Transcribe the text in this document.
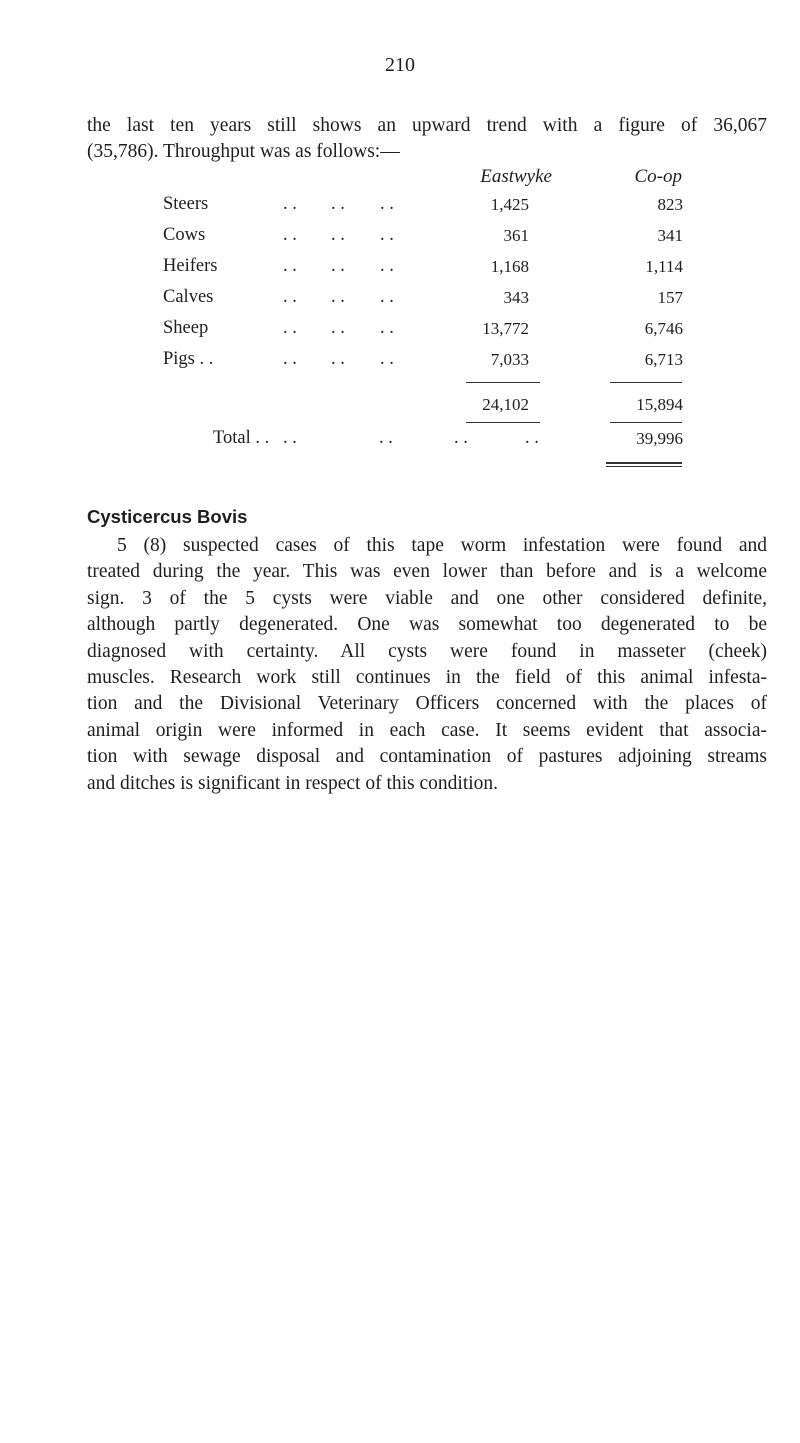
210

the last ten years still shows an upward trend with a figure of 36,067
(35,786). Throughput was as follows:—

Eastwyke	Co-op
Steers	. . . . . .	1,425	823
Cows	. . . . . .	361	341
Heifers	. . . . . .	1,168	1,114
Calves	. . . . . .	343	157
Sheep	. . . . . .	13,772	6,746
Pigs . .	. . . . . .	7,033	6,713
24,102	15,894
Total . . . .	. .	. .	. .	39,996
Cysticercus Bovis
5 (8) suspected cases of this tape worm infestation were found and
treated during the year. This was even lower than before and is a welcome
sign. 3 of the 5 cysts were viable and one other considered definite,
although partly degenerated. One was somewhat too degenerated to be
diagnosed with certainty. All cysts were found in masseter (cheek)
muscles. Research work still continues in the field of this animal infesta-
tion and the Divisional Veterinary Officers concerned with the places of
animal origin were informed in each case. It seems evident that associa-
tion with sewage disposal and contamination of pastures adjoining streams
and ditches is significant in respect of this condition.
